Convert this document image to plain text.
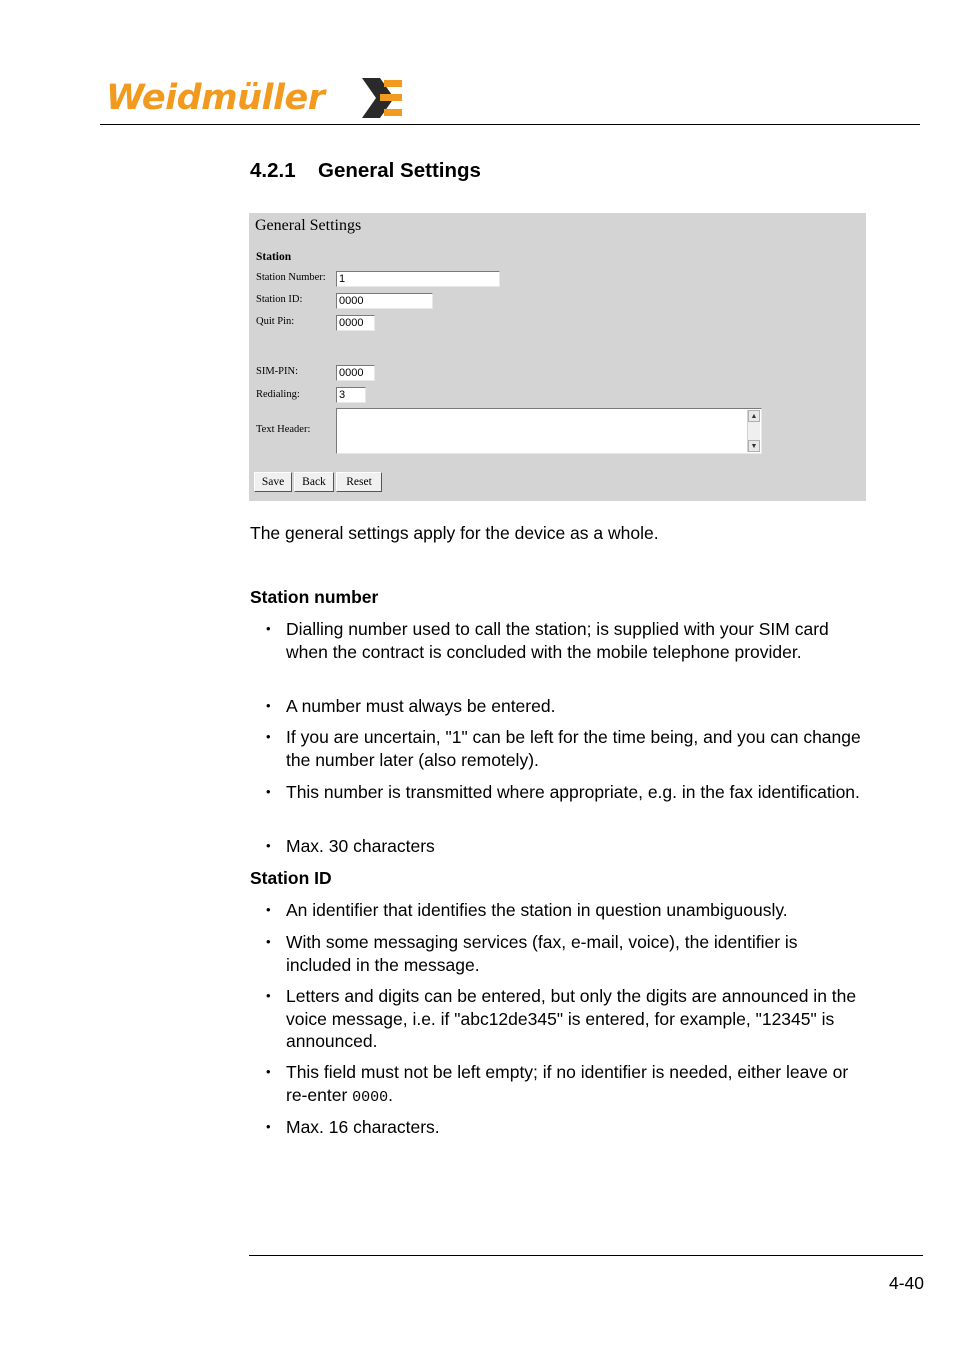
Weidmüller
4.2.1 General Settings
General Settings
Station
Station Number: 1
Station ID:	0000
Quit Pin:	0000
SIM-PIN:	0000
Redialing:	3
Text Header:
▲
▼
Save	Back	Reset

The general settings apply for the device as a whole.

Station number

• Dialling number used to call the station; is supplied with your SIM card when the contract is concluded with the mobile telephone provider.
• A number must always be entered.
• If you are uncertain, "1" can be left for the time being, and you can change the number later (also remotely).
• This number is transmitted where appropriate, e.g. in the fax identification.
• Max. 30 characters

Station ID

• An identifier that identifies the station in question unambiguously.
• With some messaging services (fax, e-mail, voice), the identifier is included in the message.
• Letters and digits can be entered, but only the digits are announced in the voice message, i.e. if "abc12de345" is entered, for example, "12345" is announced.
• This field must not be left empty; if no identifier is needed, either leave or re-enter 0000.
• Max. 16 characters.
4-40
